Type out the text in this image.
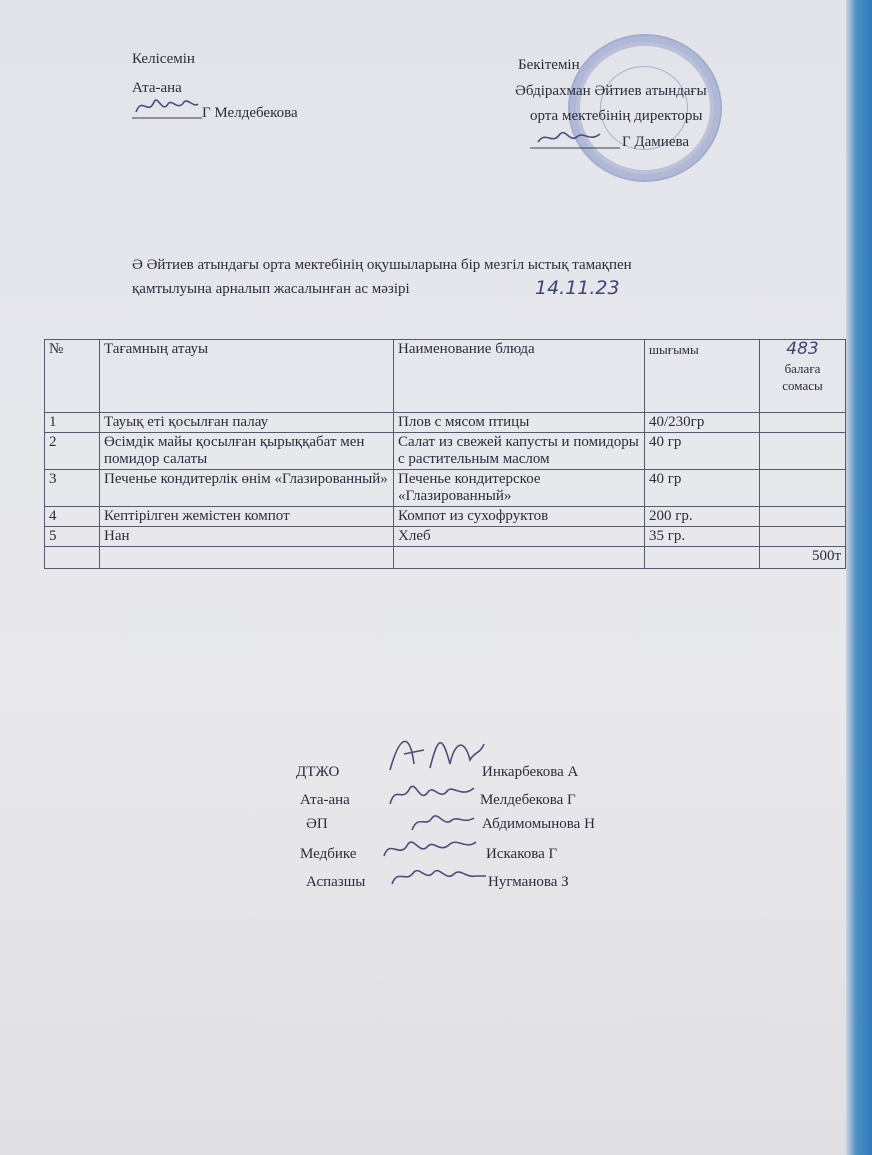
Келісемін
Ата-ана
Г Мелдебекова
Бекітемін
Әбдірахман Әйтиев атындағы
орта мектебінің директоры
Г Дамиева
Ә Әйтиев атындағы орта мектебінің оқушыларына бір мезгіл ыстық тамақпен
қамтылуына арналып жасалынған ас мәзірі	14.11.23
№	Тағамның атауы	Наименование блюда	шығымы	483
балаға сомасы

1	Тауық еті қосылған палау	Плов с мясом птицы	40/230гр	
2	Өсімдік майы қосылған қырыққабат мен помидор салаты	Салат из свежей капусты и помидоры с растительным маслом	40 гр	
3	Печенье кондитерлік өнім «Глазированный»	Печенье кондитерское «Глазированный»	40 гр	
4	Кептірілген жемістен компот	Компот из сухофруктов	200 гр.	
5	Нан	Хлеб	35 гр.	
				500т
ДТЖО	Инкарбекова А
Ата-ана	Мелдебекова Г
ӘП	Абдимомынова Н
Медбике	Искакова Г
Аспазшы	Нугманова З
